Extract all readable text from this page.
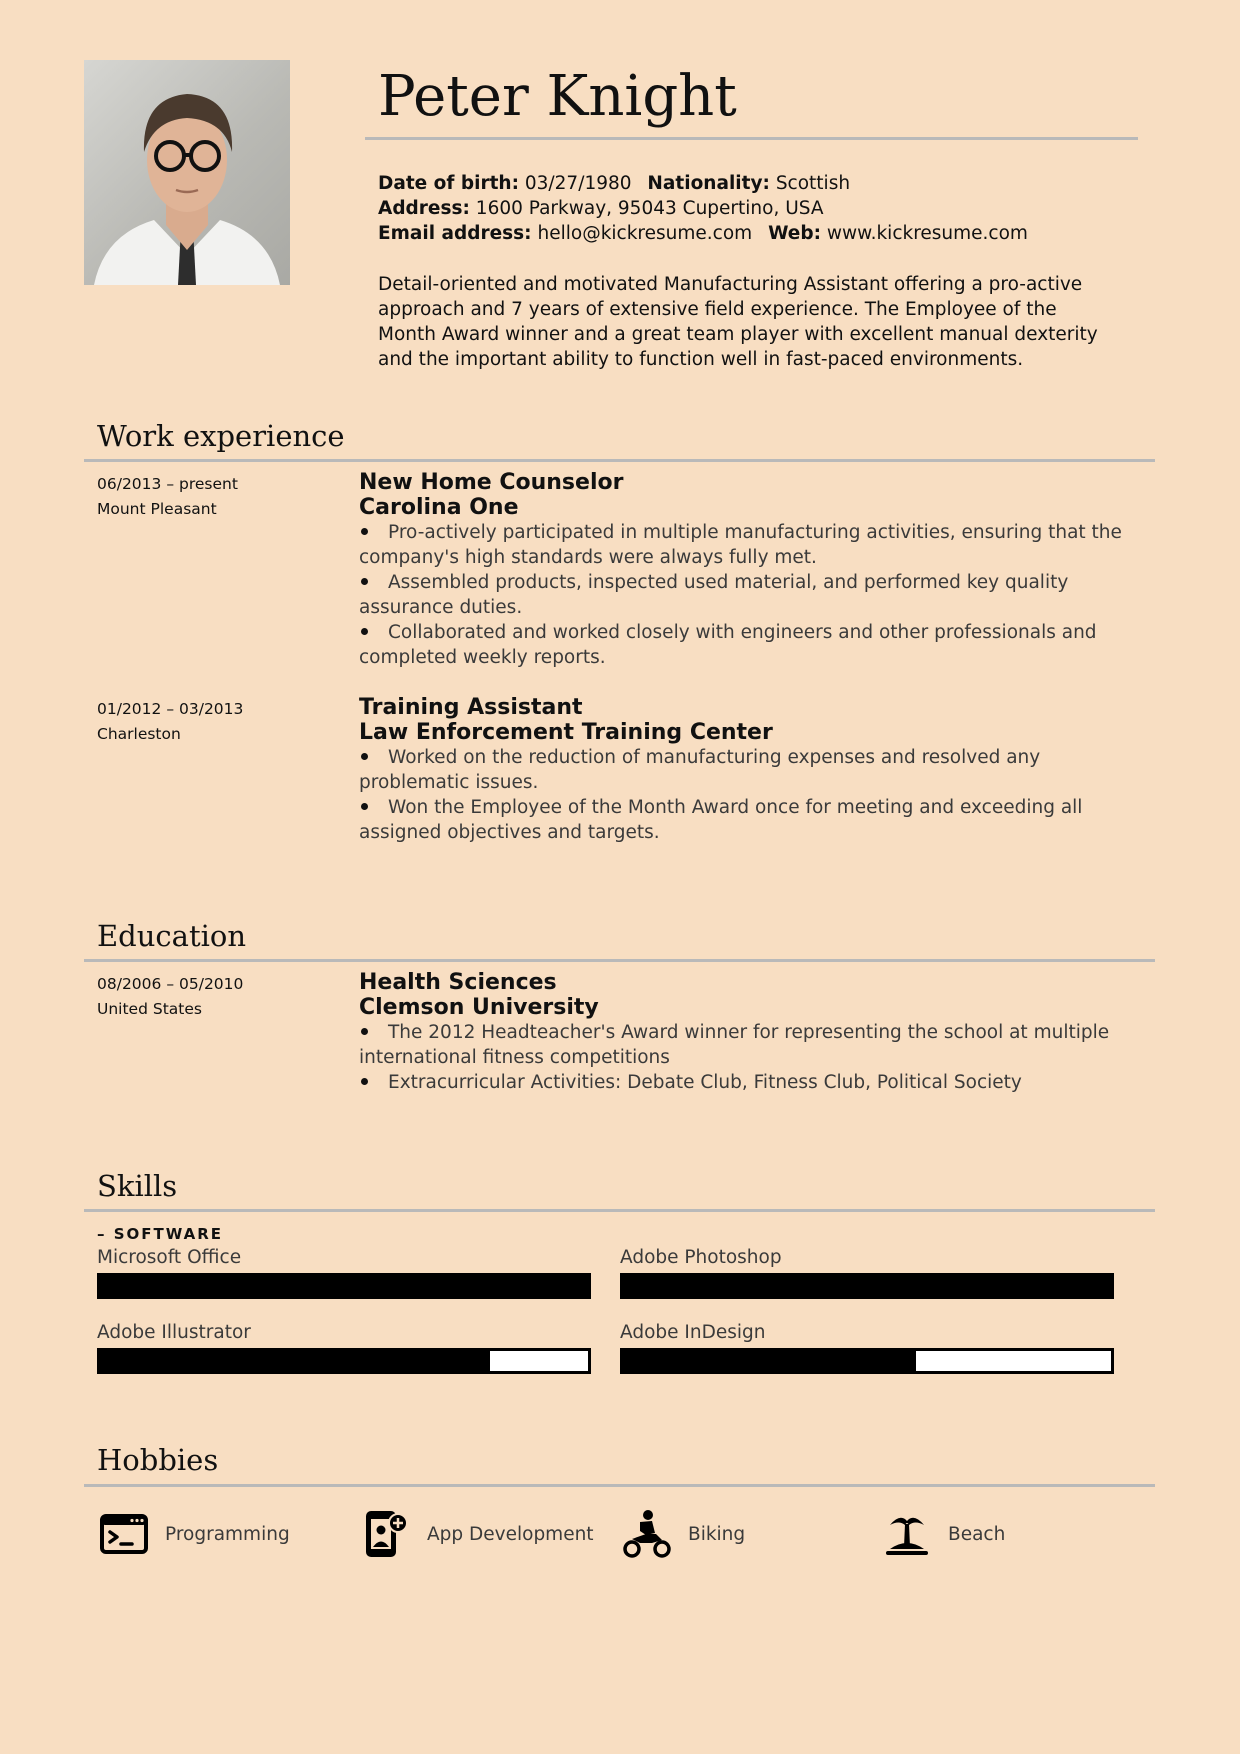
Peter Knight
Date of birth: 03/27/1980 Nationality: Scottish
Address: 1600 Parkway, 95043 Cupertino, USA
Email address: hello@kickresume.com Web: www.kickresume.com
Detail-oriented and motivated Manufacturing Assistant offering a pro-active approach and 7 years of extensive field experience. The Employee of the Month Award winner and a great team player with excellent manual dexterity and the important ability to function well in fast-paced environments.
Work experience
06/2013 – present
Mount Pleasant
New Home Counselor
Carolina One
Pro-actively participated in multiple manufacturing activities, ensuring that the company's high standards were always fully met.
Assembled products, inspected used material, and performed key quality assurance duties.
Collaborated and worked closely with engineers and other professionals and completed weekly reports.
01/2012 – 03/2013
Charleston
Training Assistant
Law Enforcement Training Center
Worked on the reduction of manufacturing expenses and resolved any problematic issues.
Won the Employee of the Month Award once for meeting and exceeding all assigned objectives and targets.
Education
08/2006 – 05/2010
United States
Health Sciences
Clemson University
The 2012 Headteacher's Award winner for representing the school at multiple international fitness competitions
Extracurricular Activities: Debate Club, Fitness Club, Political Society
Skills
– SOFTWARE
Microsoft Office	Adobe Photoshop
Adobe Illustrator	Adobe InDesign
Hobbies
Programming	App Development	Biking	Beach
